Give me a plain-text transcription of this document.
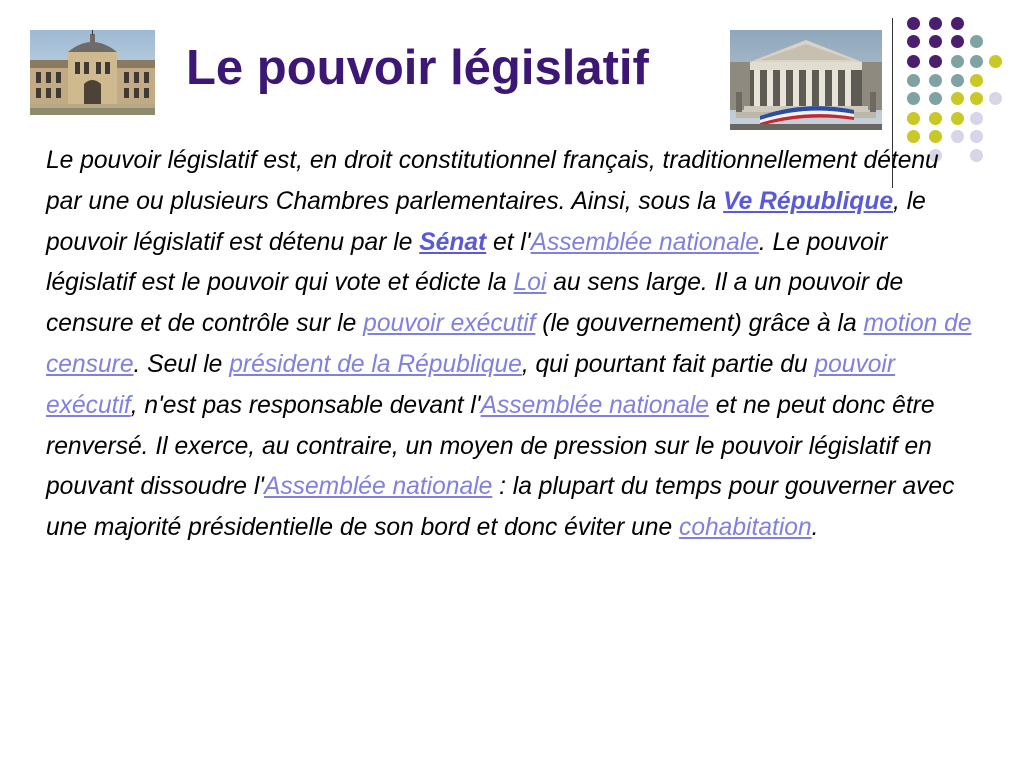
Le pouvoir législatif

Le pouvoir législatif est, en droit constitutionnel français, traditionnellement détenu par une ou plusieurs Chambres parlementaires. Ainsi, sous la Ve République, le pouvoir législatif est détenu par le Sénat et l'Assemblée nationale. Le pouvoir législatif est le pouvoir qui vote et édicte la Loi au sens large. Il a un pouvoir de censure et de contrôle sur le pouvoir exécutif (le gouvernement) grâce à la motion de censure. Seul le président de la République, qui pourtant fait partie du pouvoir exécutif, n'est pas responsable devant l'Assemblée nationale et ne peut donc être renversé. Il exerce, au contraire, un moyen de pression sur le pouvoir législatif en pouvant dissoudre l'Assemblée nationale : la plupart du temps pour gouverner avec une majorité présidentielle de son bord et donc éviter une cohabitation.
